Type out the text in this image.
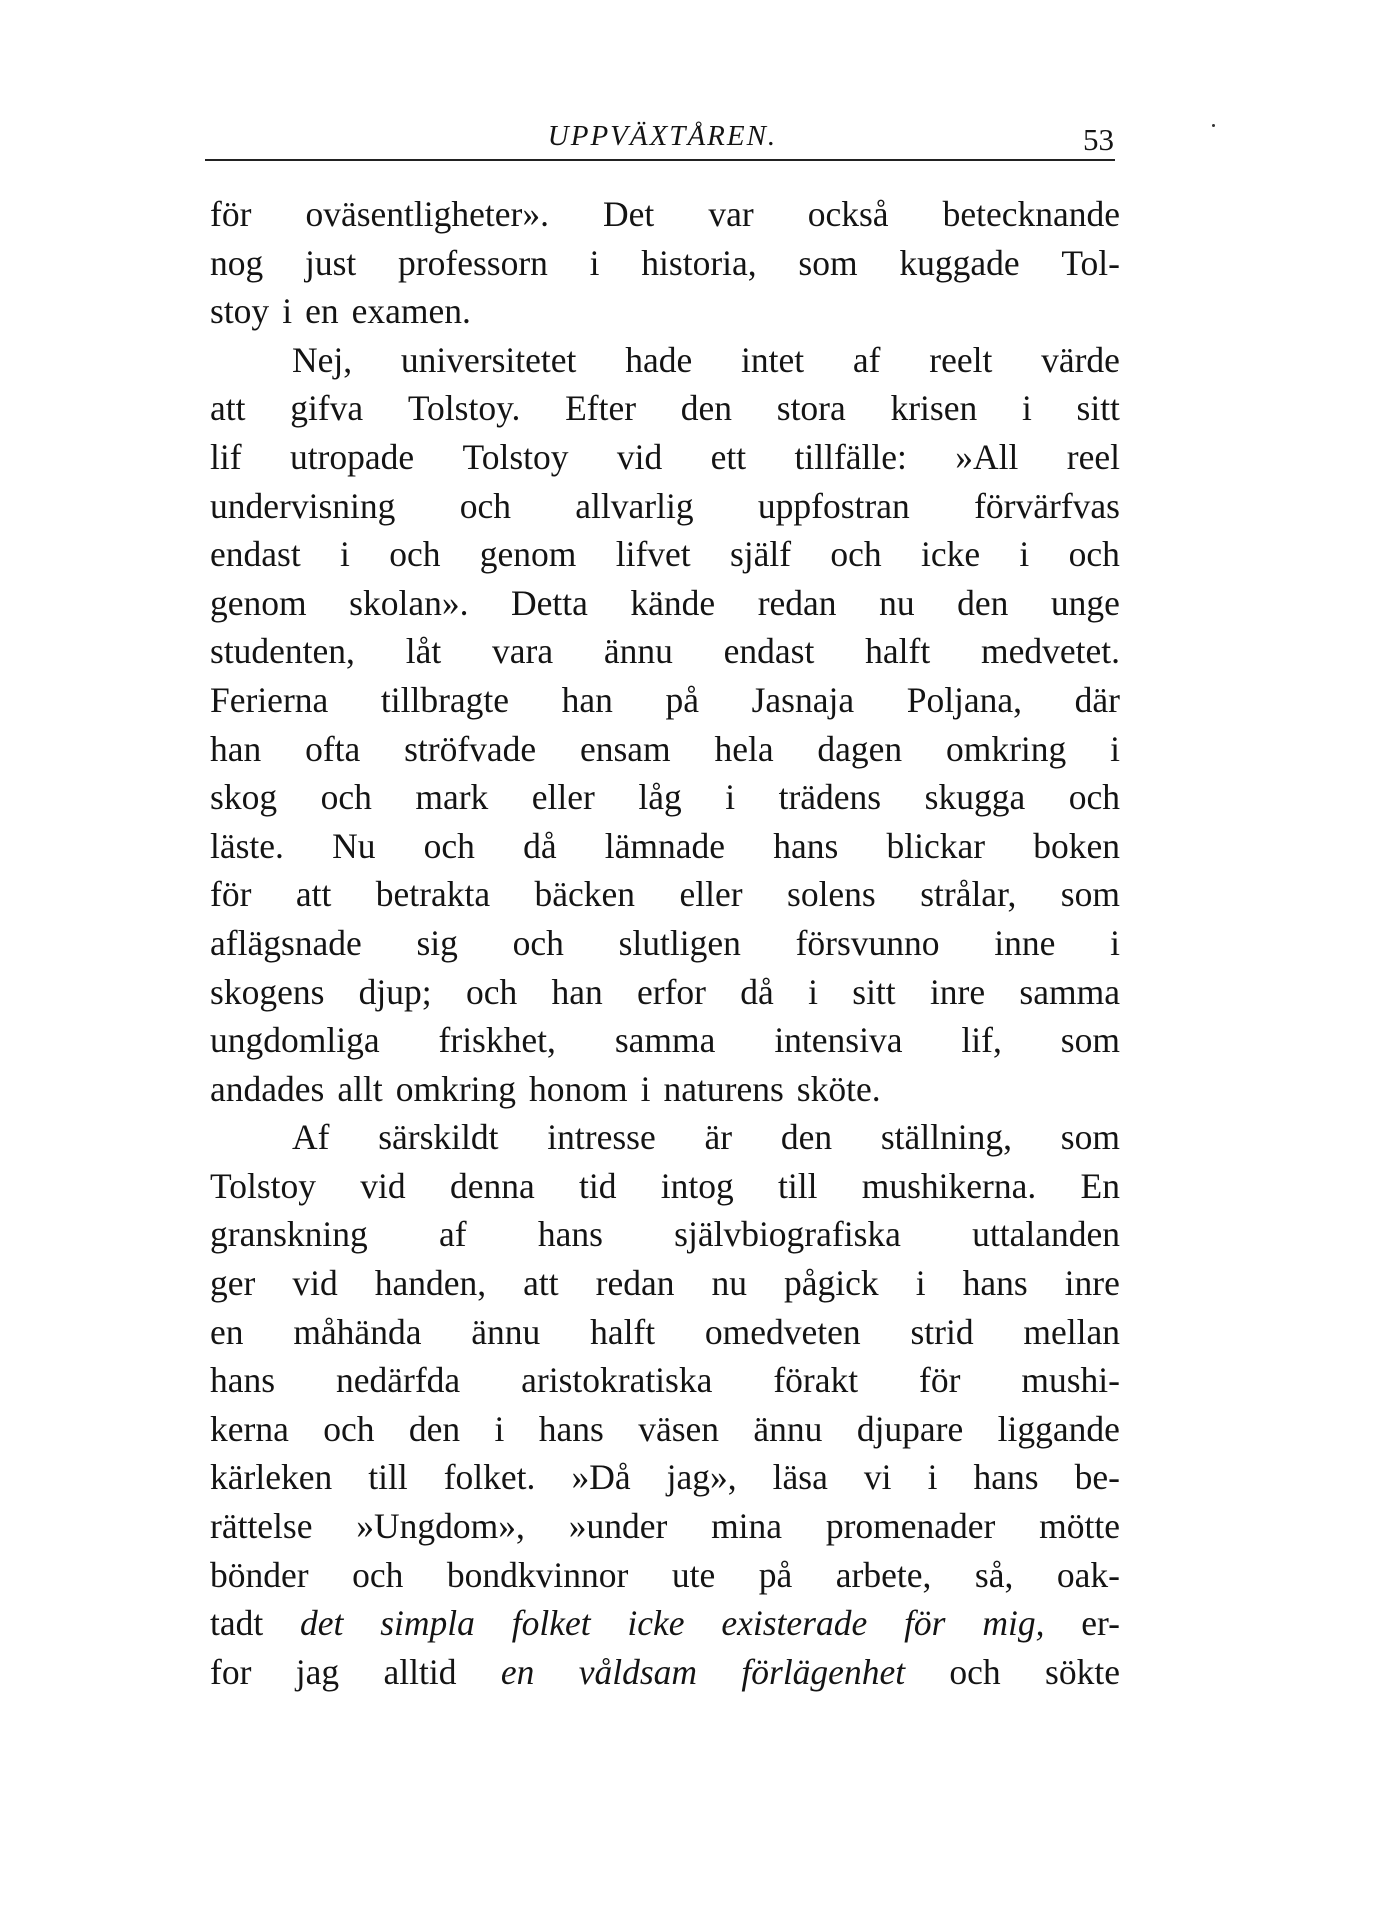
UPPVÄXTÅREN.	53
för oväsentligheter». Det var också betecknande
nog just professorn i historia, som kuggade Tol-
stoy i en examen.
Nej, universitetet hade intet af reelt värde
att gifva Tolstoy. Efter den stora krisen i sitt
lif utropade Tolstoy vid ett tillfälle: »All reel
undervisning och allvarlig uppfostran förvärfvas
endast i och genom lifvet själf och icke i och
genom skolan». Detta kände redan nu den unge
studenten, låt vara ännu endast halft medvetet.
Ferierna tillbragte han på Jasnaja Poljana, där
han ofta ströfvade ensam hela dagen omkring i
skog och mark eller låg i trädens skugga och
läste. Nu och då lämnade hans blickar boken
för att betrakta bäcken eller solens strålar, som
aflägsnade sig och slutligen försvunno inne i
skogens djup; och han erfor då i sitt inre samma
ungdomliga friskhet, samma intensiva lif, som
andades allt omkring honom i naturens sköte.
Af särskildt intresse är den ställning, som
Tolstoy vid denna tid intog till mushikerna. En
granskning af hans självbiografiska uttalanden
ger vid handen, att redan nu pågick i hans inre
en måhända ännu halft omedveten strid mellan
hans nedärfda aristokratiska förakt för mushi-
kerna och den i hans väsen ännu djupare liggande
kärleken till folket. »Då jag», läsa vi i hans be-
rättelse »Ungdom», »under mina promenader mötte
bönder och bondkvinnor ute på arbete, så, oak-
tadt det simpla folket icke existerade för mig, er-
for jag alltid en våldsam förlägenhet och sökte
